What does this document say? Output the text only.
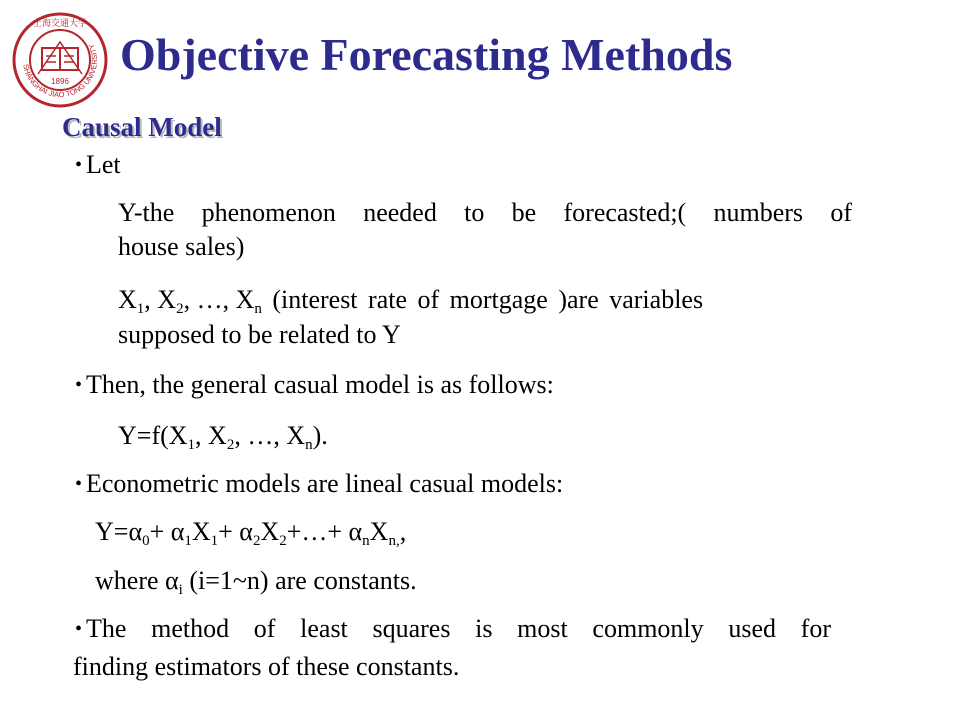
SHANGHAI JIAO TONG UNIVERSITY
上海交通大学
1896
Objective Forecasting Methods
Causal Model
• Let
Y-the phenomenon needed to be forecasted;( numbers of
house sales)
$X_1$, $X_2$, …, $X_n$ (interest rate of mortgage )are variables
supposed to be related to Y
• Then, the general casual model is as follows:
$Y=f(X_1$, $X_2$, …, $X_n$).
• Econometric models are lineal casual models:
$Y=\alpha_0+ \alpha_1X_1+$ $\alpha_2X_2+\dots+ \alpha_nX_{n,}$,
where $\alpha_i$ (i=1~n) are constants.
• The method of least squares is most commonly used for
finding estimators of these constants.
